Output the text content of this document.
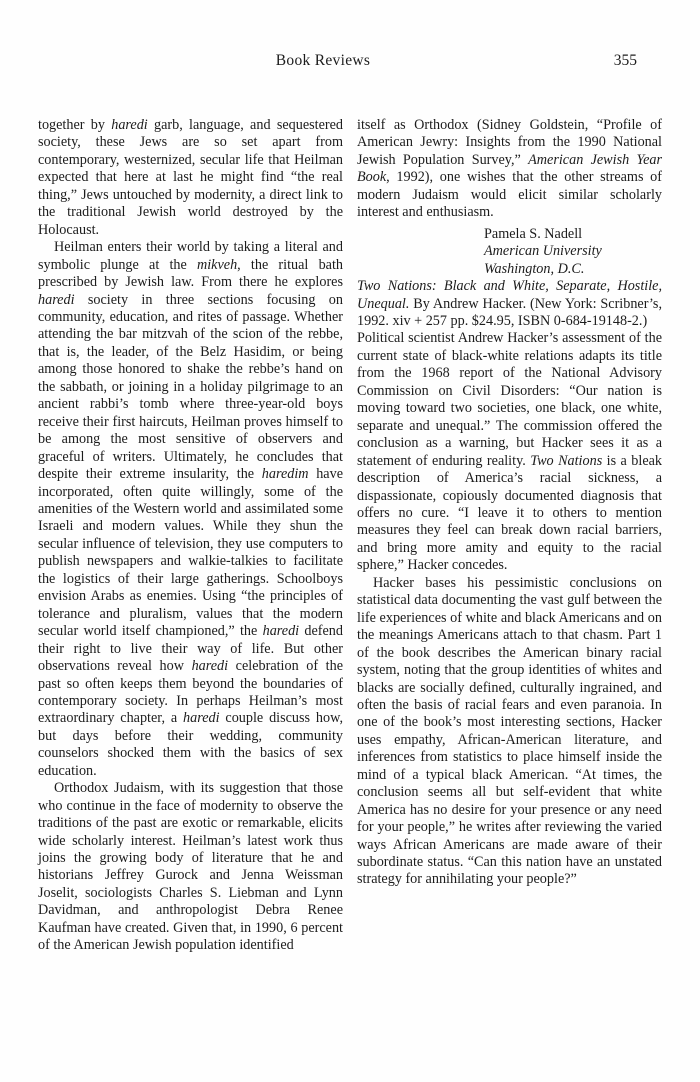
Book Reviews	355

together by haredi garb, language, and sequestered society, these Jews are so set apart from contemporary, westernized, secular life that Heilman expected that here at last he might find “the real thing,” Jews untouched by modernity, a direct link to the traditional Jewish world destroyed by the Holocaust.

Heilman enters their world by taking a literal and symbolic plunge at the mikveh, the ritual bath prescribed by Jewish law. From there he explores haredi society in three sections focusing on community, education, and rites of passage. Whether attending the bar mitzvah of the scion of the rebbe, that is, the leader, of the Belz Hasidim, or being among those honored to shake the rebbe’s hand on the sabbath, or joining in a holiday pilgrimage to an ancient rabbi’s tomb where three-year-old boys receive their first haircuts, Heilman proves himself to be among the most sensitive of observers and graceful of writers. Ultimately, he concludes that despite their extreme insularity, the haredim have incorporated, often quite willingly, some of the amenities of the Western world and assimilated some Israeli and modern values. While they shun the secular influence of television, they use computers to publish newspapers and walkie-talkies to facilitate the logistics of their large gatherings. Schoolboys envision Arabs as enemies. Using “the principles of tolerance and pluralism, values that the modern secular world itself championed,” the haredi defend their right to live their way of life. But other observations reveal how haredi celebration of the past so often keeps them beyond the boundaries of contemporary society. In perhaps Heilman’s most extraordinary chapter, a haredi couple discuss how, but days before their wedding, community counselors shocked them with the basics of sex education.

Orthodox Judaism, with its suggestion that those who continue in the face of modernity to observe the traditions of the past are exotic or remarkable, elicits wide scholarly interest. Heilman’s latest work thus joins the growing body of literature that he and historians Jeffrey Gurock and Jenna Weissman Joselit, sociologists Charles S. Liebman and Lynn Davidman, and anthropologist Debra Renee Kaufman have created. Given that, in 1990, 6 percent of the American Jewish population identified

itself as Orthodox (Sidney Goldstein, “Profile of American Jewry: Insights from the 1990 National Jewish Population Survey,” American Jewish Year Book, 1992), one wishes that the other streams of modern Judaism would elicit similar scholarly interest and enthusiasm.

Pamela S. Nadell
American University
Washington, D.C.

Two Nations: Black and White, Separate, Hostile, Unequal. By Andrew Hacker. (New York: Scribner’s, 1992. xiv + 257 pp. $24.95, ISBN 0-684-19148-2.)

Political scientist Andrew Hacker’s assessment of the current state of black-white relations adapts its title from the 1968 report of the National Advisory Commission on Civil Disorders: “Our nation is moving toward two societies, one black, one white, separate and unequal.” The commission offered the conclusion as a warning, but Hacker sees it as a statement of enduring reality. Two Nations is a bleak description of America’s racial sickness, a dispassionate, copiously documented diagnosis that offers no cure. “I leave it to others to mention measures they feel can break down racial barriers, and bring more amity and equity to the racial sphere,” Hacker concedes.

Hacker bases his pessimistic conclusions on statistical data documenting the vast gulf between the life experiences of white and black Americans and on the meanings Americans attach to that chasm. Part 1 of the book describes the American binary racial system, noting that the group identities of whites and blacks are socially defined, culturally ingrained, and often the basis of racial fears and even paranoia. In one of the book’s most interesting sections, Hacker uses empathy, African-American literature, and inferences from statistics to place himself inside the mind of a typical black American. “At times, the conclusion seems all but self-evident that white America has no desire for your presence or any need for your people,” he writes after reviewing the varied ways African Americans are made aware of their subordinate status. “Can this nation have an unstated strategy for annihilating your people?”
